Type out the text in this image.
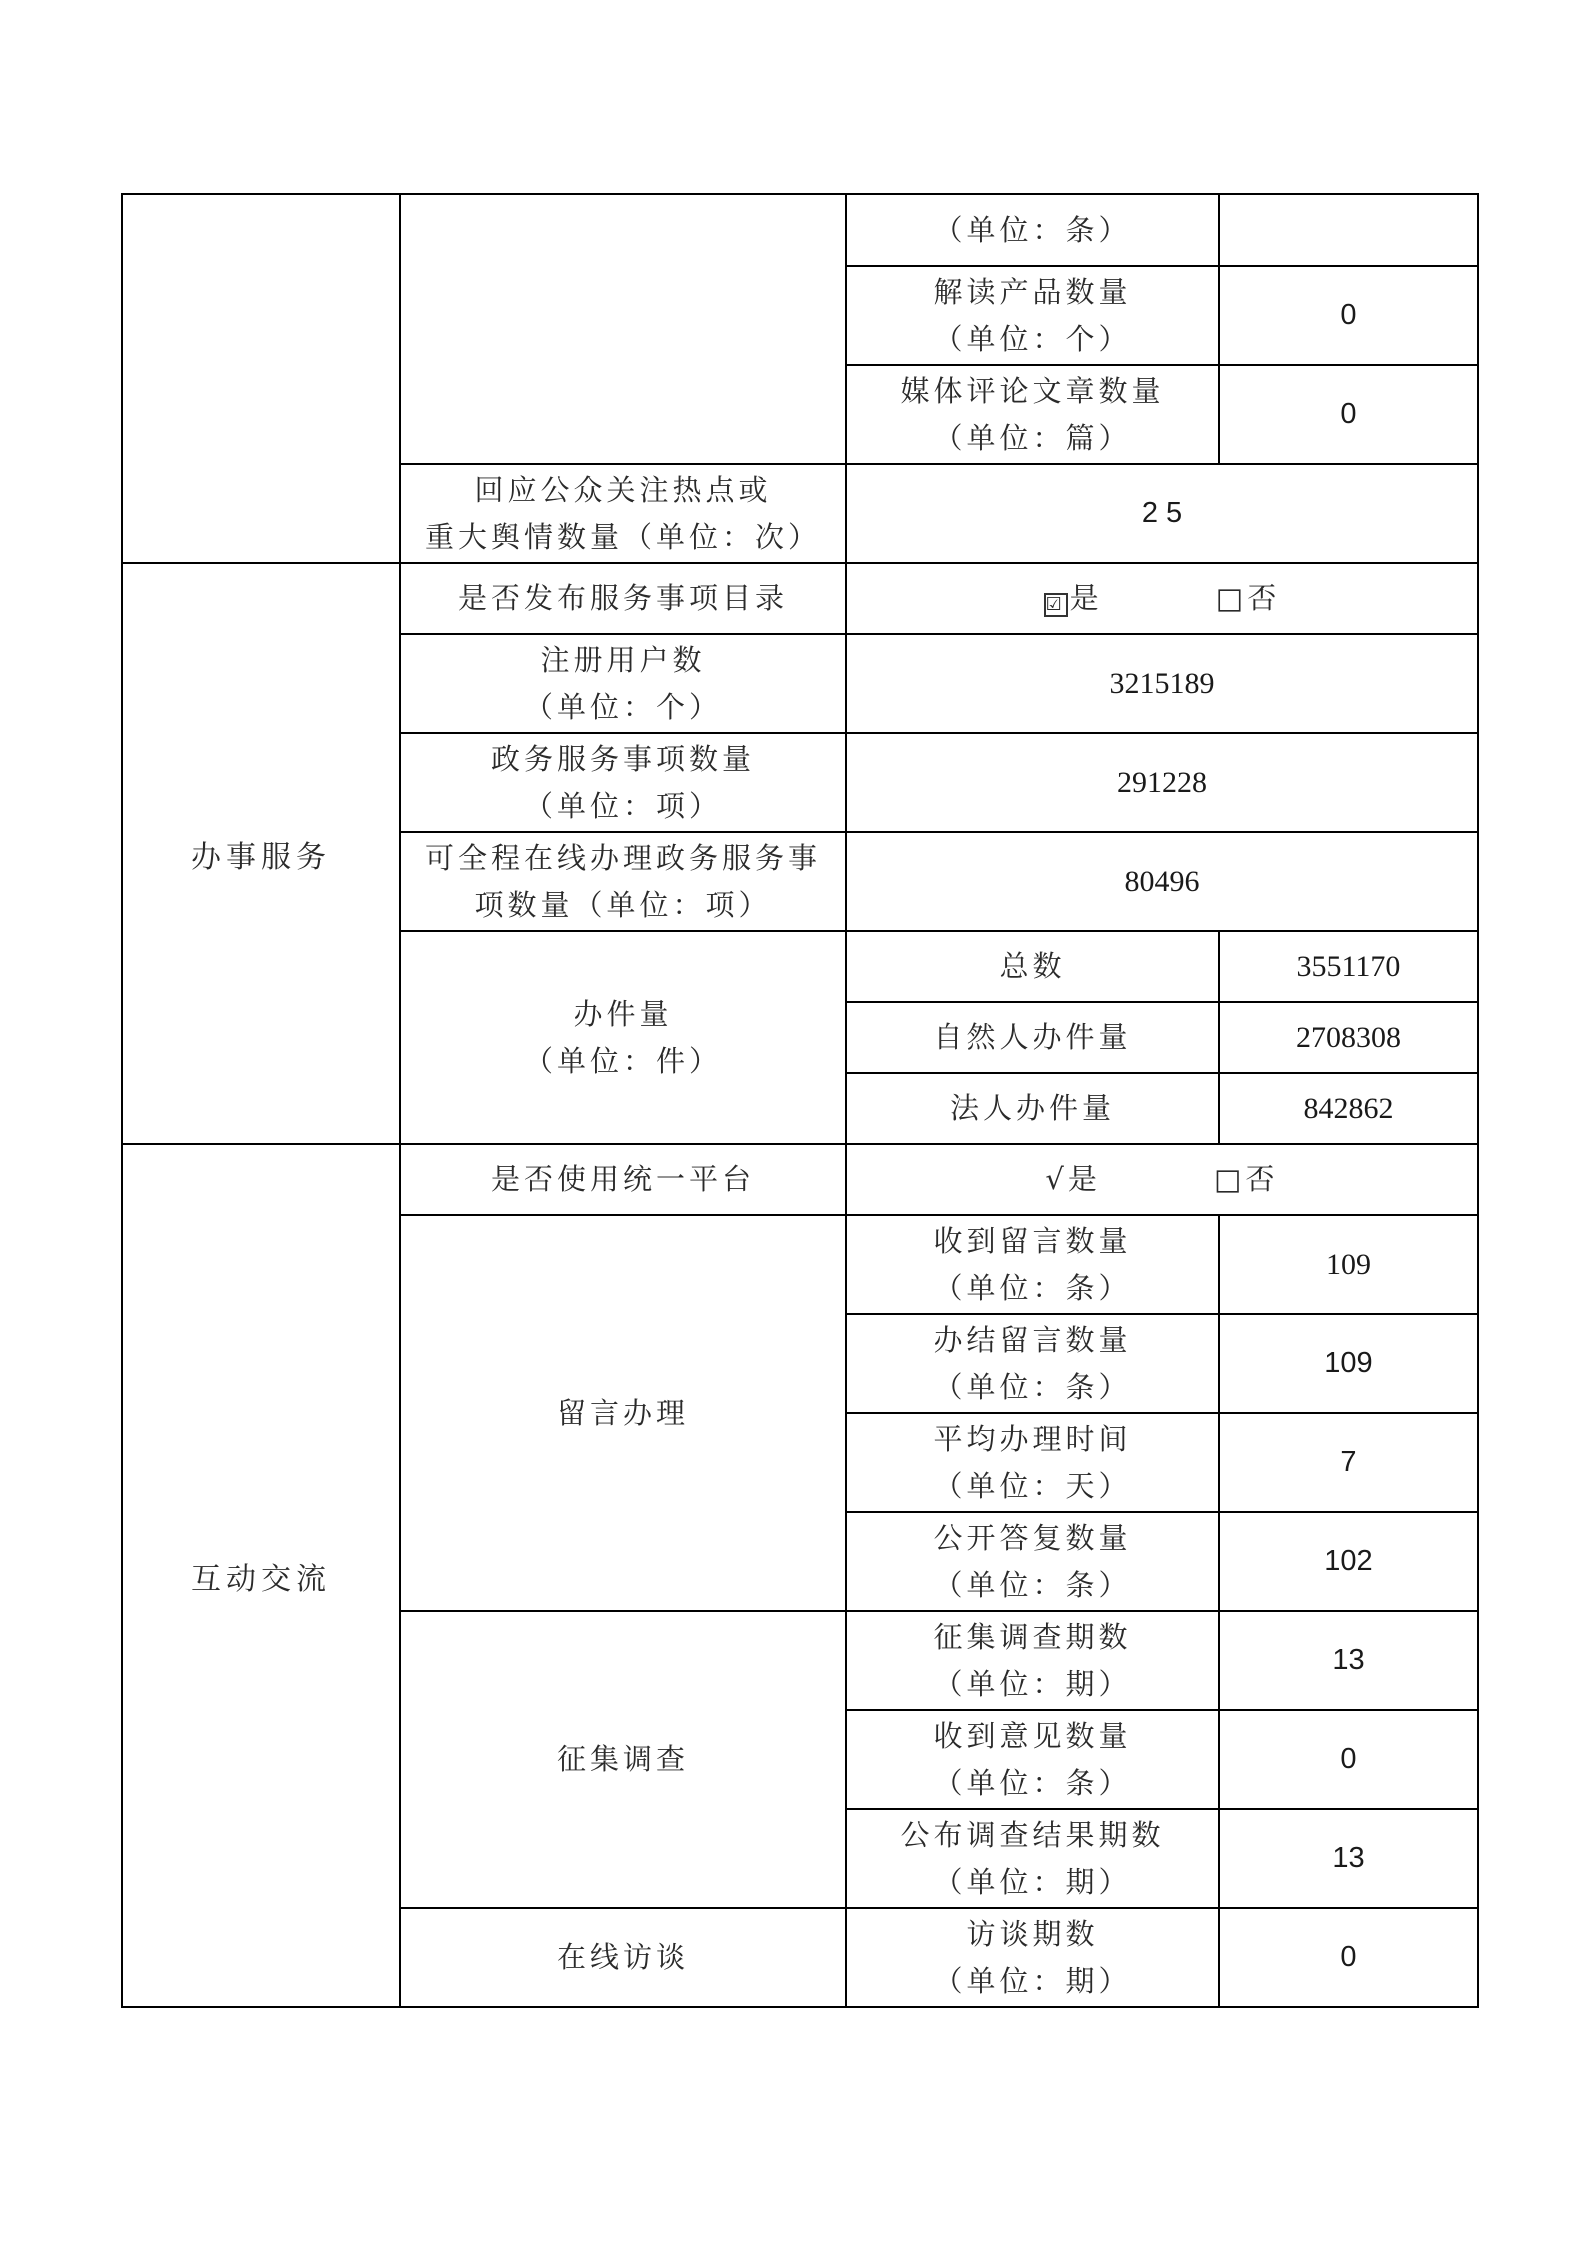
		（单位：条）	

		解读产品数量
（单位：个）	0

		媒体评论文章数量
（单位：篇）	0

	回应公众关注热点或
重大舆情数量（单位：次）	2 5	
办事服务	是否发布服务事项目录	☑ 是 □否	

	注册用户数
（单位：个）	3215189	

	政务服务事项数量
（单位：项）	291228	

	可全程在线办理政务服务事
项数量（单位：项）	80496	

	办件量
（单位：件）	总数	3551170
		自然人办件量	2708308
		法人办件量	842862
互动交流	是否使用统一平台	√是 □否	

	留言办理	收到留言数量
（单位：条）	109

		办结留言数量
（单位：条）	109

		平均办理时间
（单位：天）	7

		公开答复数量
（单位：条）	102

	征集调查	征集调查期数
（单位：期）	13

		收到意见数量
（单位：条）	0

		公布调查结果期数
（单位：期）	13

	在线访谈	访谈期数
（单位：期）	0
